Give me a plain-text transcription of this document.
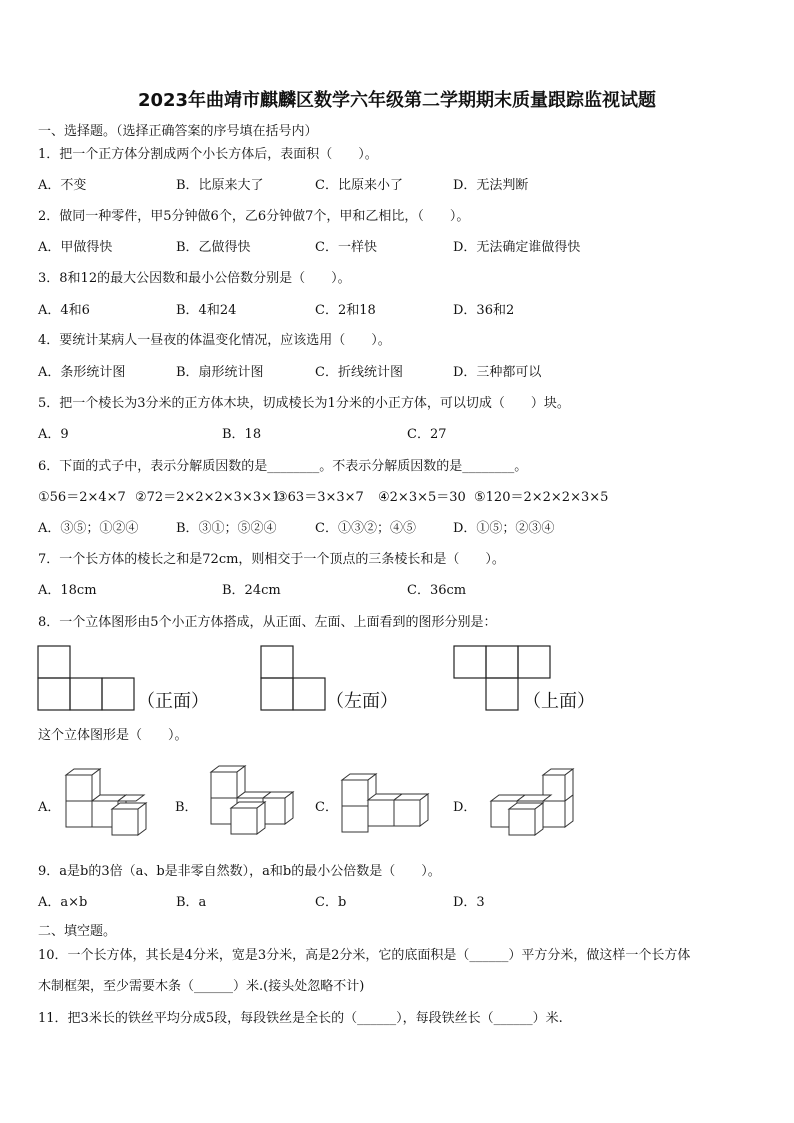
2023年曲靖市麒麟区数学六年级第二学期期末质量跟踪监视试题
一、选择题。（选择正确答案的序号填在括号内）
1．把一个正方体分割成两个小长方体后，表面积（　　）。
A．不变	B．比原来大了	C．比原来小了	D．无法判断
2．做同一种零件，甲5分钟做6个，乙6分钟做7个，甲和乙相比，（　　）。
A．甲做得快	B．乙做得快	C．一样快	D．无法确定谁做得快
3．8和12的最大公因数和最小公倍数分别是（　　）。
A．4和6	B．4和24	C．2和18	D．36和2
4．要统计某病人一昼夜的体温变化情况，应该选用（　　）。
A．条形统计图	B．扇形统计图	C．折线统计图	D．三种都可以
5．把一个棱长为3分米的正方体木块，切成棱长为1分米的小正方体，可以切成（　　）块。
A．9	B．18	C．27
6．下面的式子中，表示分解质因数的是________。不表示分解质因数的是________。
①56＝2×4×7 ②72＝2×2×2×3×3×1
③63＝3×3×7 ④2×3×5＝30 ⑤120＝2×2×2×3×5
A．③⑤；①②④	B．③①；⑤②④	C．①③②；④⑤	D．①⑤；②③④
7．一个长方体的棱长之和是72cm，则相交于一个顶点的三条棱长和是（　　）。
A．18cm	B．24cm	C．36cm
8．一个立体图形由5个小正方体搭成，从正面、左面、上面看到的图形分别是：
（正面）	（左面）	（上面）
这个立体图形是（　　）。
A．	B．	C．	D．
9．a是b的3倍（a、b是非零自然数），a和b的最小公倍数是（　　）。
A．a×b	B．a	C．b	D．3
二、填空题。
10．一个长方体，其长是4分米，宽是3分米，高是2分米，它的底面积是（______）平方分米，做这样一个长方体
木制框架，至少需要木条（______）米.(接头处忽略不计)
11．把3米长的铁丝平均分成5段，每段铁丝是全长的（______），每段铁丝长（______）米.
